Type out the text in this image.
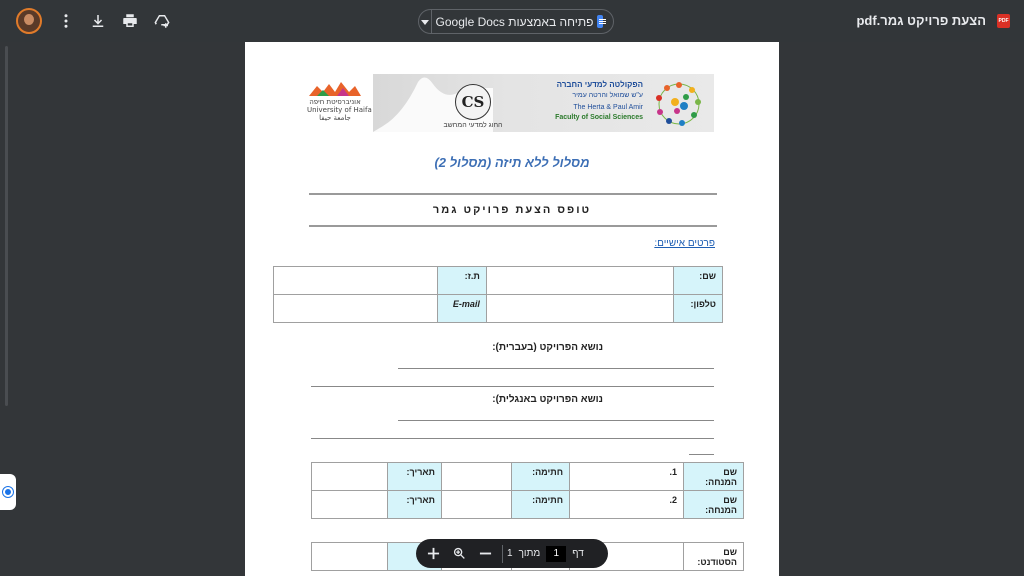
פתיחה באמצעות Google Docs	הצעת פרויקט גמר.pdf	PDF
אוניברסיטת חיפה
University of Haifa
جامعة حيفا
CS
החוג למדעי המחשב
הפקולטה למדעי החברה
ע"ש שמואל והרטה עמיר
The Herta & Paul Amir
Faculty of Social Sciences
מסלול ללא תיזה (מסלול 2)
טופס הצעת פרויקט גמר
פרטים אישיים:
שם:		ת.ז:	
טלפון:		E-mail	
נושא הפרויקט (בעברית):
נושא הפרויקט באנגלית):
שם המנחה:	1.	חתימה:		תאריך:	
שם המנחה:	2.	חתימה:		תאריך:	
שם הסטודנט:					
דף
1
מתוך
1
